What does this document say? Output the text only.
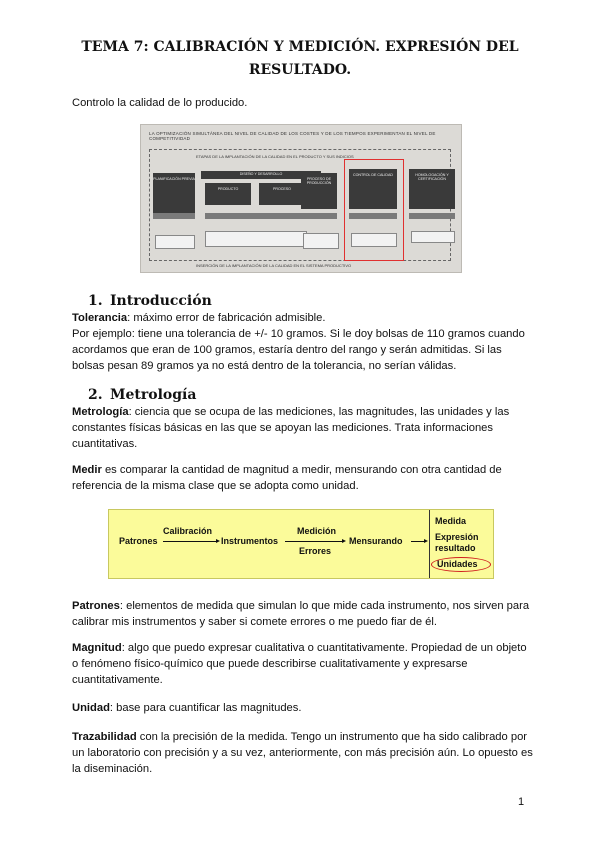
TEMA 7: CALIBRACIÓN Y MEDICIÓN. EXPRESIÓN DEL RESULTADO.

Controlo la calidad de lo producido.

LA OPTIMIZACIÓN SIMULTÁNEA DEL NIVEL DE CALIDAD DE LOS COSTES Y DE LOS TIEMPOS EXPERIMENTAN EL NIVEL DE COMPETITIVIDAD
ETAPAS DE LA IMPLANTACIÓN DE LA CALIDAD EN EL PRODUCTO Y SUS INDICIOS
DISEÑO Y DESARROLLO
PLANIFICACIÓN PREVIA
PRODUCTO	PROCESO
PROCESO DE PRODUCCIÓN
CONTROL DE CALIDAD	HOMOLOGACIÓN Y CERTIFICACIÓN
INSERCIÓN DE LA IMPLANTACIÓN DE LA CALIDAD EN EL SISTEMA PRODUCTIVO
1. Introducción

Tolerancia: máximo error de fabricación admisible.

Por ejemplo: tiene una tolerancia de +/- 10 gramos. Si le doy bolsas de 110 gramos cuando acordamos que eran de 100 gramos, estaría dentro del rango y serán admitidas. Si las bolsas pesan 89 gramos ya no está dentro de la tolerancia, no serían válidas.

2. Metrología

Metrología: ciencia que se ocupa de las mediciones, las magnitudes, las unidades y las constantes físicas básicas en las que se apoyan las mediciones. Trata informaciones cuantitativas.

Medir es comparar la cantidad de magnitud a medir, mensurando con otra cantidad de referencia de la misma clase que se adopta como unidad.

Patrones
Calibración
Instrumentos
Medición
Errores
Mensurando
Medida
Expresión
resultado
Unidades

Patrones: elementos de medida que simulan lo que mide cada instrumento, nos sirven para calibrar mis instrumentos y saber si comete errores o me puedo fiar de él.

Magnitud: algo que puedo expresar cualitativa o cuantitativamente. Propiedad de un objeto o fenómeno físico-químico que puede describirse cualitativamente y expresarse cuantitativamente.

Unidad: base para cuantificar las magnitudes.

Trazabilidad con la precisión de la medida. Tengo un instrumento que ha sido calibrado por un laboratorio con precisión y a su vez, anteriormente, con más precisión aún. Lo opuesto es la diseminación.

1
